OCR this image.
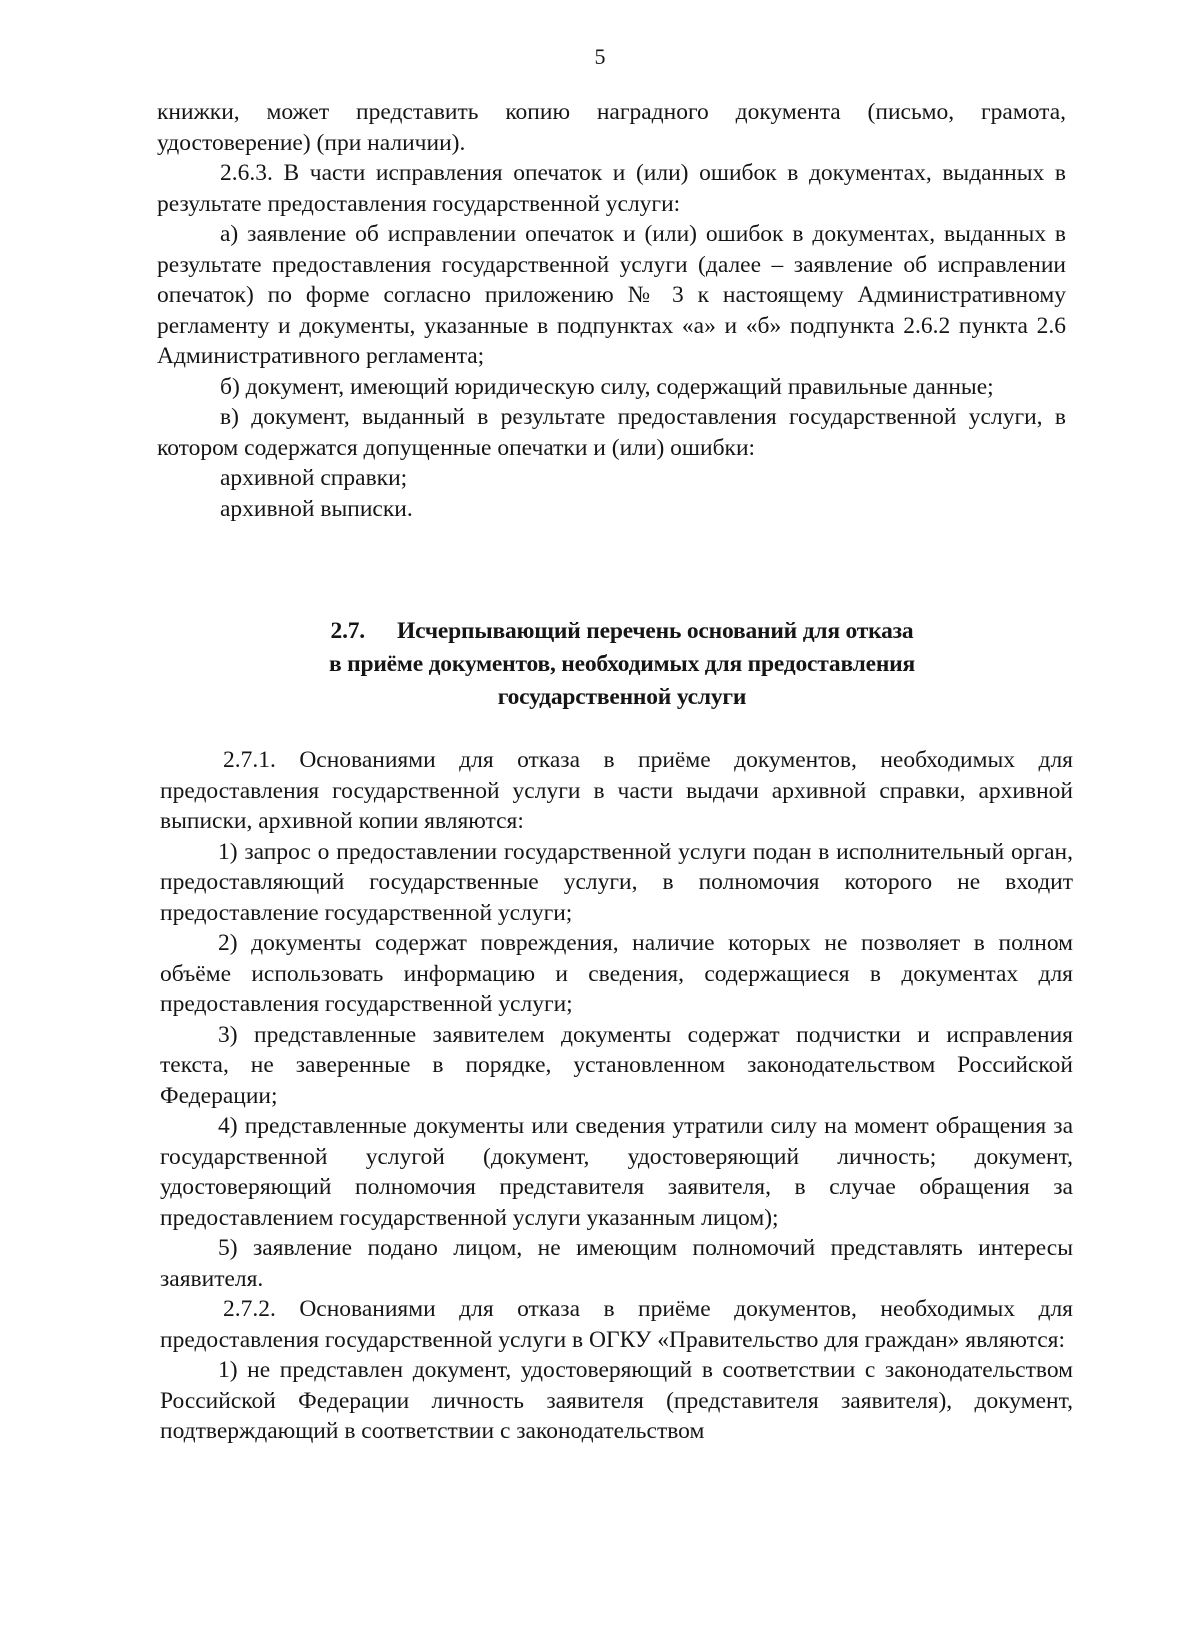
5

книжки, может представить копию наградного документа (письмо, грамота, удостоверение) (при наличии).

2.6.3. В части исправления опечаток и (или) ошибок в документах, выданных в результате предоставления государственной услуги:

а) заявление об исправлении опечаток и (или) ошибок в документах, выданных в результате предоставления государственной услуги (далее – заявление об исправлении опечаток) по форме согласно приложению № 3 к настоящему Административному регламенту и документы, указанные в подпунктах «а» и «б» подпункта 2.6.2 пункта 2.6 Административного регламента;

б) документ, имеющий юридическую силу, содержащий правильные данные;

в) документ, выданный в результате предоставления государственной услуги, в котором содержатся допущенные опечатки и (или) ошибки:

архивной справки;

архивной выписки.

2.7. Исчерпывающий перечень оснований для отказа
в приёме документов, необходимых для предоставления
государственной услуги

2.7.1. Основаниями для отказа в приёме документов, необходимых для предоставления государственной услуги в части выдачи архивной справки, архивной выписки, архивной копии являются:

1) запрос о предоставлении государственной услуги подан в исполнительный орган, предоставляющий государственные услуги, в полномочия которого не входит предоставление государственной услуги;

2) документы содержат повреждения, наличие которых не позволяет в полном объёме использовать информацию и сведения, содержащиеся в документах для предоставления государственной услуги;

3) представленные заявителем документы содержат подчистки и исправления текста, не заверенные в порядке, установленном законодательством Российской Федерации;

4) представленные документы или сведения утратили силу на момент обращения за государственной услугой (документ, удостоверяющий личность; документ, удостоверяющий полномочия представителя заявителя, в случае обращения за предоставлением государственной услуги указанным лицом);

5) заявление подано лицом, не имеющим полномочий представлять интересы заявителя.

2.7.2. Основаниями для отказа в приёме документов, необходимых для предоставления государственной услуги в ОГКУ «Правительство для граждан» являются:

1) не представлен документ, удостоверяющий в соответствии с законодательством Российской Федерации личность заявителя (представителя заявителя), документ, подтверждающий в соответствии с законодательством
